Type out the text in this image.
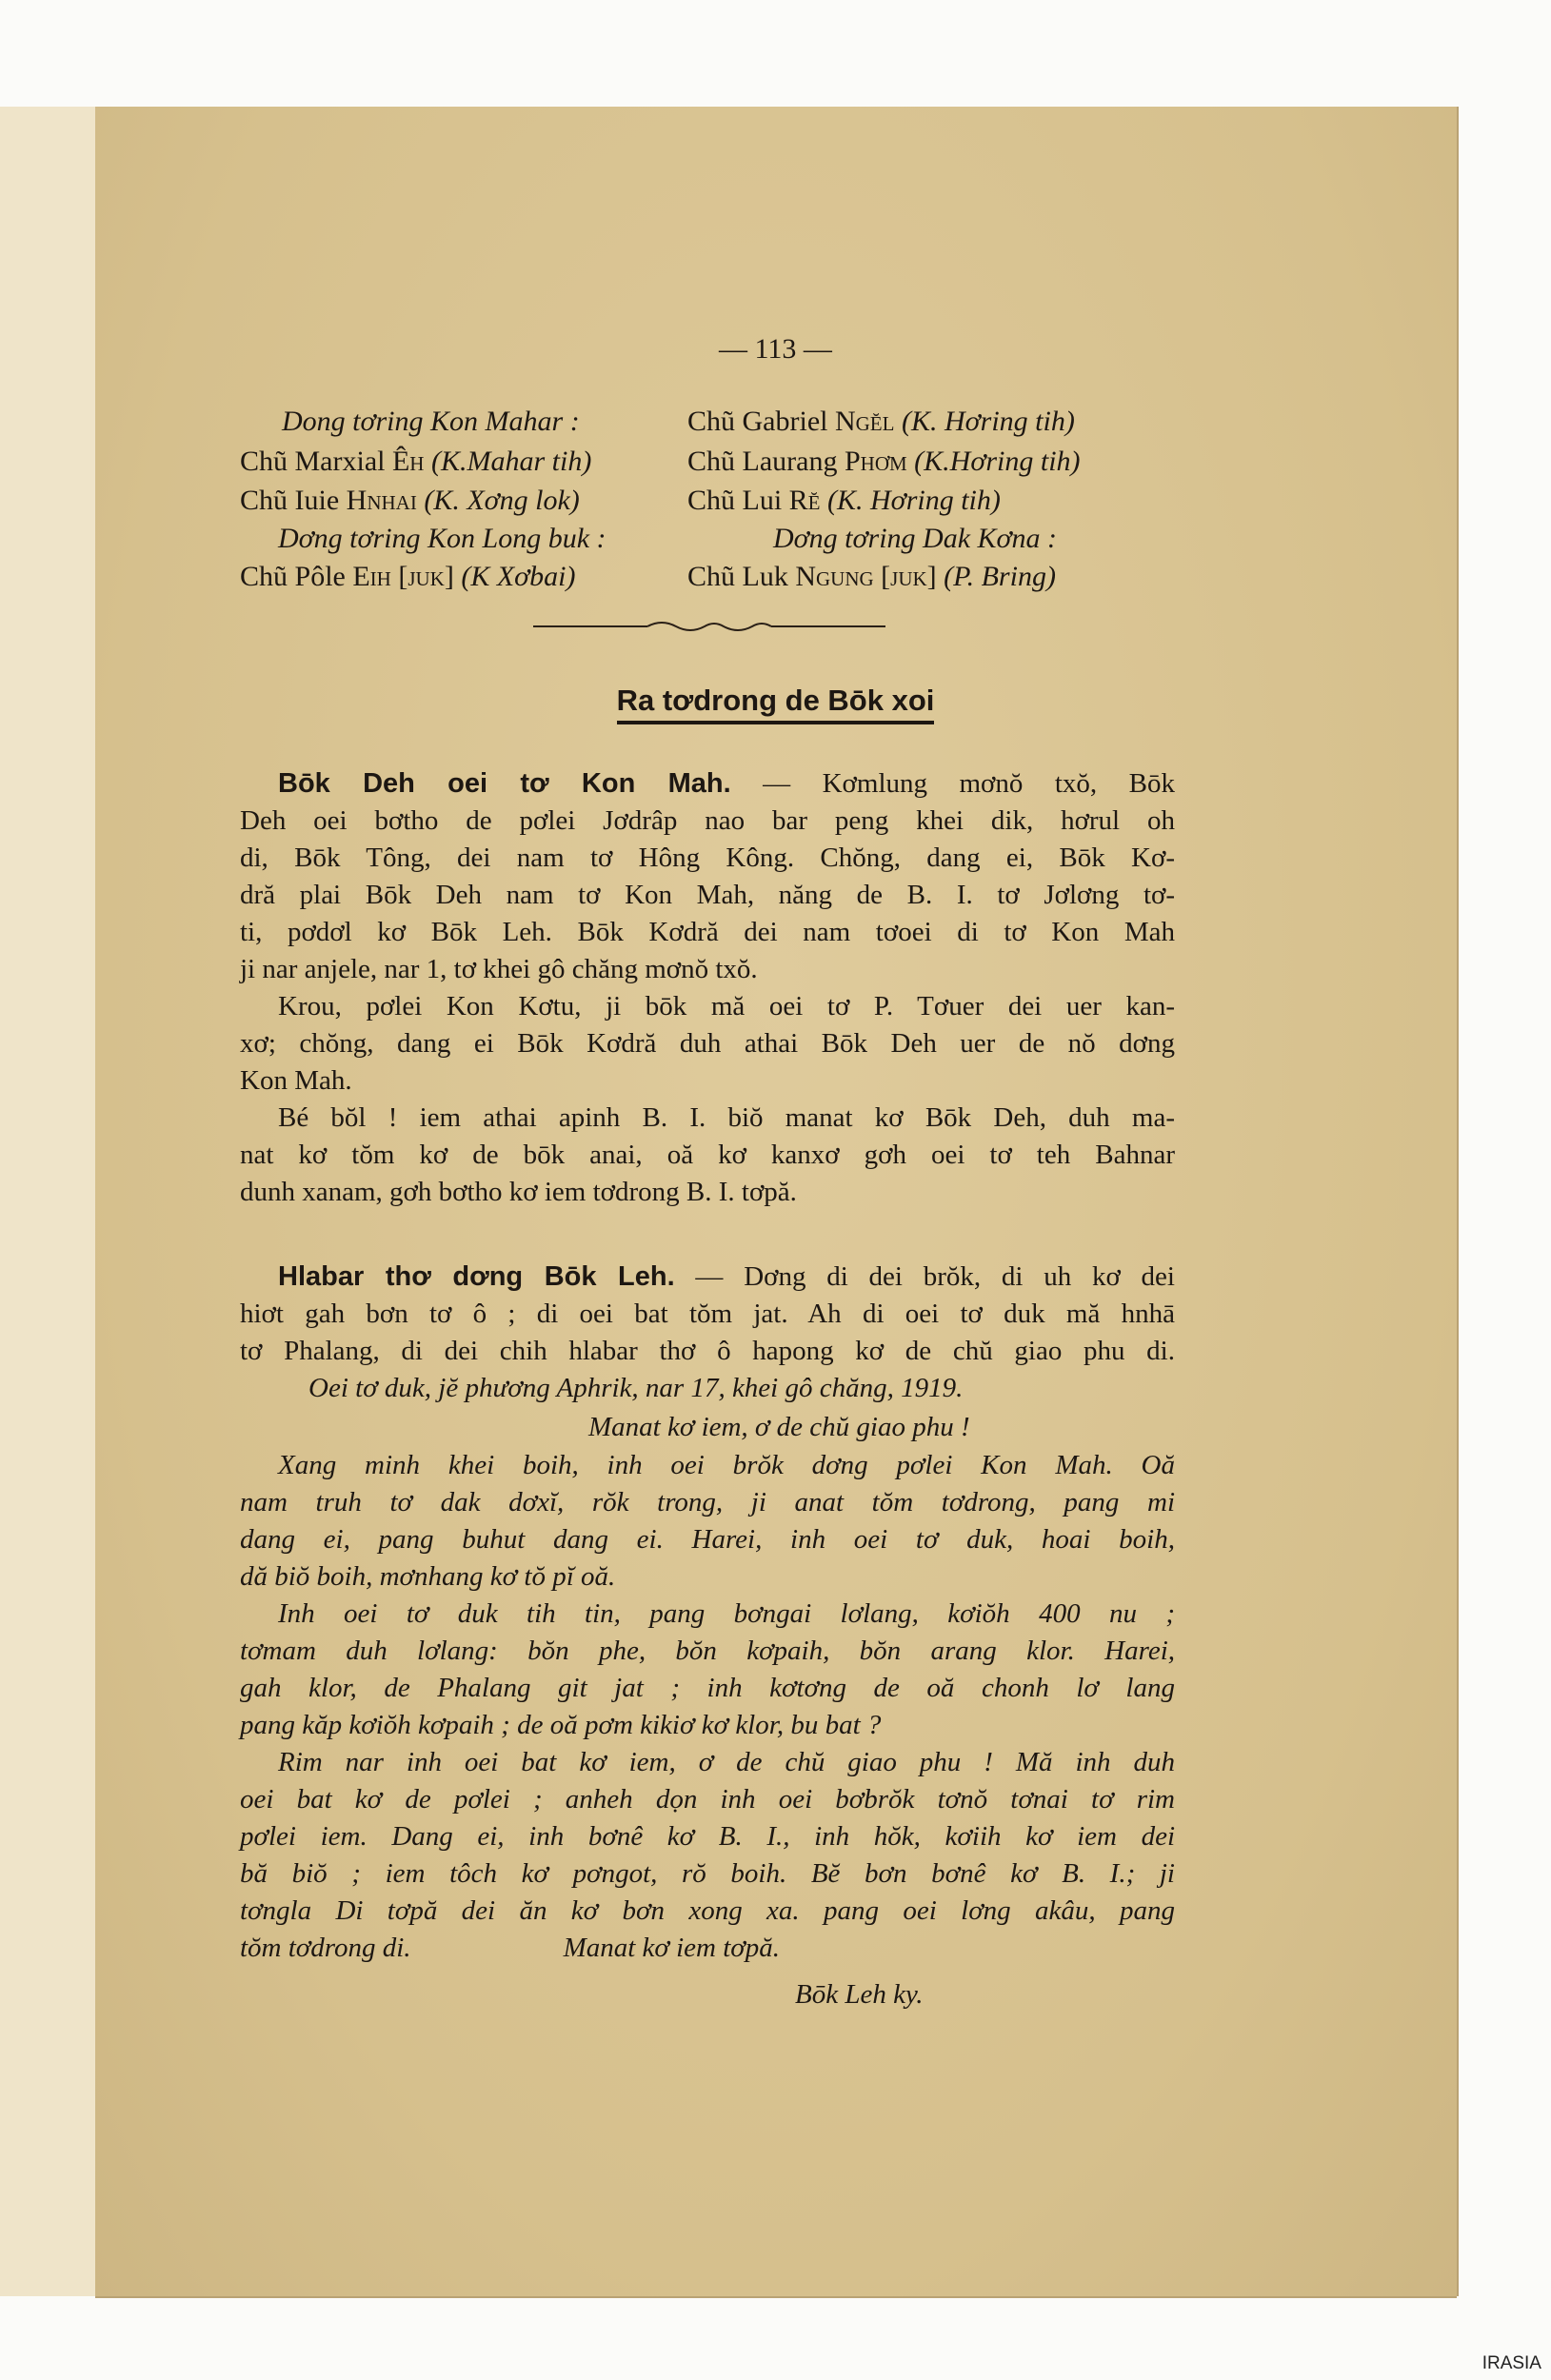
— 113 —
Dong tơring Kon Mahar :	Chũ Gabriel Ngĕl (K. Hơring tih)
Chũ Marxial Êh (K.Mahar tih)	Chũ Laurang Phơm (K.Hơring tih)
Chũ Iuie Hnhai (K. Xơng lok)	Chũ Lui Rĕ (K. Hơring tih)
Dơng tơring Kon Long buk :	Dơng tơring Dak Kơna :
Chũ Pôle Eih [juk] (K Xơbai)	Chũ Luk Ngung [juk] (P. Bring)
Ra tơdrong de Bōk xoi
Bōk Deh oei tơ Kon Mah. — Kơmlung mơnŏ txŏ, Bōk
Deh oei bơtho de pơlei Jơdrâp nao bar peng khei dik, hơrul oh
di, Bōk Tông, dei nam tơ Hông Kông. Chŏng, dang ei, Bōk Kơ-
dră plai Bōk Deh nam tơ Kon Mah, năng de B. I. tơ Jơlơng tơ-
ti, pơdơl kơ Bōk Leh. Bōk Kơdră dei nam tơoei di tơ Kon Mah
ji nar anjele, nar 1, tơ khei gô chăng mơnŏ txŏ.
Krou, pơlei Kon Kơtu, ji bōk mă oei tơ P. Tơuer dei uer kan-
xơ; chŏng, dang ei Bōk Kơdră duh athai Bōk Deh uer de nŏ dơng
Kon Mah.
Bé bŏl ! iem athai apinh B. I. biŏ manat kơ Bōk Deh, duh ma-
nat kơ tŏm kơ de bōk anai, oă kơ kanxơ gơh oei tơ teh Bahnar
dunh xanam, gơh bơtho kơ iem tơdrong B. I. tơpă.
Hlabar thơ dơng Bōk Leh. — Dơng di dei brŏk, di uh kơ dei
hiơt gah bơn tơ ô ; di oei bat tŏm jat. Ah di oei tơ duk mă hnhā
tơ Phalang, di dei chih hlabar thơ ô hapong kơ de chŭ giao phu di.
Oei tơ duk, jĕ phương Aphrik, nar 17, khei gô chăng, 1919.
Manat kơ iem, ơ de chŭ giao phu !
Xang minh khei boih, inh oei brŏk dơng pơlei Kon Mah. Oă
nam truh tơ dak dơxĭ, rŏk trong, ji anat tŏm tơdrong, pang mi
dang ei, pang buhut dang ei. Harei, inh oei tơ duk, hoai boih,
dă biŏ boih, mơnhang kơ tŏ pĭ oă.
Inh oei tơ duk tih tin, pang bơngai lơlang, kơiŏh 400 nu ;
tơmam duh lơlang: bŏn phe, bŏn kơpaih, bŏn arang klor. Harei,
gah klor, de Phalang git jat ; inh kơtơng de oă chonh lơ lang
pang kăp kơiŏh kơpaih ; de oă pơm kikiơ kơ klor, bu bat ?
Rim nar inh oei bat kơ iem, ơ de chŭ giao phu ! Mă inh duh
oei bat kơ de pơlei ; anheh dọn inh oei bơbrŏk tơnŏ tơnai tơ rim
pơlei iem. Dang ei, inh bơnê kơ B. I., inh hŏk, kơiih kơ iem dei
bă biŏ ; iem tôch kơ pơngot, rŏ boih. Bĕ bơn bơnê kơ B. I.; ji
tơngla Di tơpă dei ăn kơ bơn xong xa. pang oei lơng akâu, pang
tŏm tơdrong di.	Manat kơ iem tơpă.
Bōk Leh ky.
IRASIA
